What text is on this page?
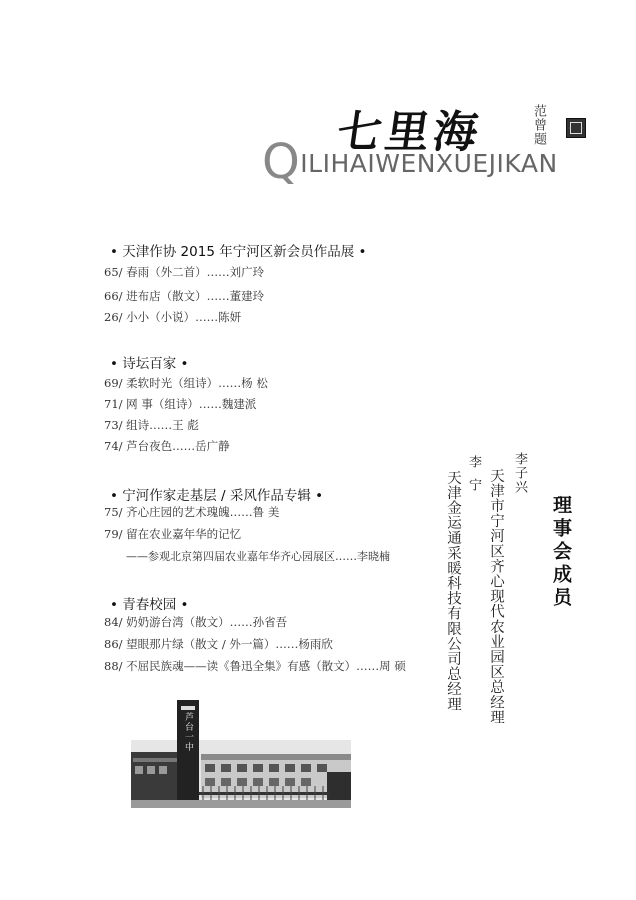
七里海	范曾题
QILIHAIWENXUEJIKAN
• 天津作协 2015 年宁河区新会员作品展 •
65/ 春雨（外二首）……刘广玲
66/ 进布店（散文）……董建玲
26/ 小小（小说）……陈妍
• 诗坛百家 •
69/ 柔软时光（组诗）……杨 松
71/ 网 事（组诗）……魏建派
73/ 组诗……王 彪
74/ 芦台夜色……岳广静
• 宁河作家走基层 / 采风作品专辑 •
75/ 齐心庄园的艺术瑰魄……鲁 美
79/ 留在农业嘉年华的记忆
——参观北京第四届农业嘉年华齐心园展区……李晓楠
• 青春校园 •
84/ 奶奶游台湾（散文）……孙省吾
86/ 望眼那片绿（散文 / 外一篇）……杨雨欣
88/ 不屈民族魂——读《鲁迅全集》有感（散文）……周 硕
芦台一中
理事会成员
李子兴
天津市宁河区齐心现代农业园区总经理
李宁
天津金运通采暖科技有限公司总经理
